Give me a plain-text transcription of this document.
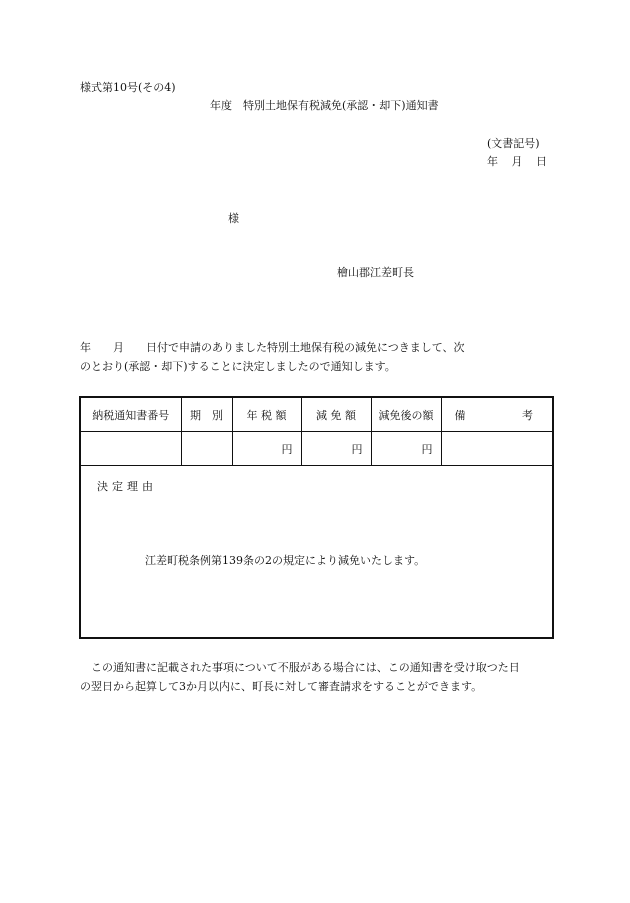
様式第10号(その4)
年度　特別土地保有税減免(承認・却下)通知書
(文書記号)
年 月 日
様
檜山郡江差町長
年　　月　　日付で申請のありました特別土地保有税の減免につきまして、次
のとおり(承認・却下)することに決定しましたので通知します。
納税通知書番号	期　別	年 税 額	減 免 額	減免後の額	備 考

		円	円	円	

決定理由
江差町税条例第139条の2の規定により減免いたします。					
この通知書に記載された事項について不服がある場合には、この通知書を受け取つた日
の翌日から起算して3か月以内に、町長に対して審査請求をすることができます。
